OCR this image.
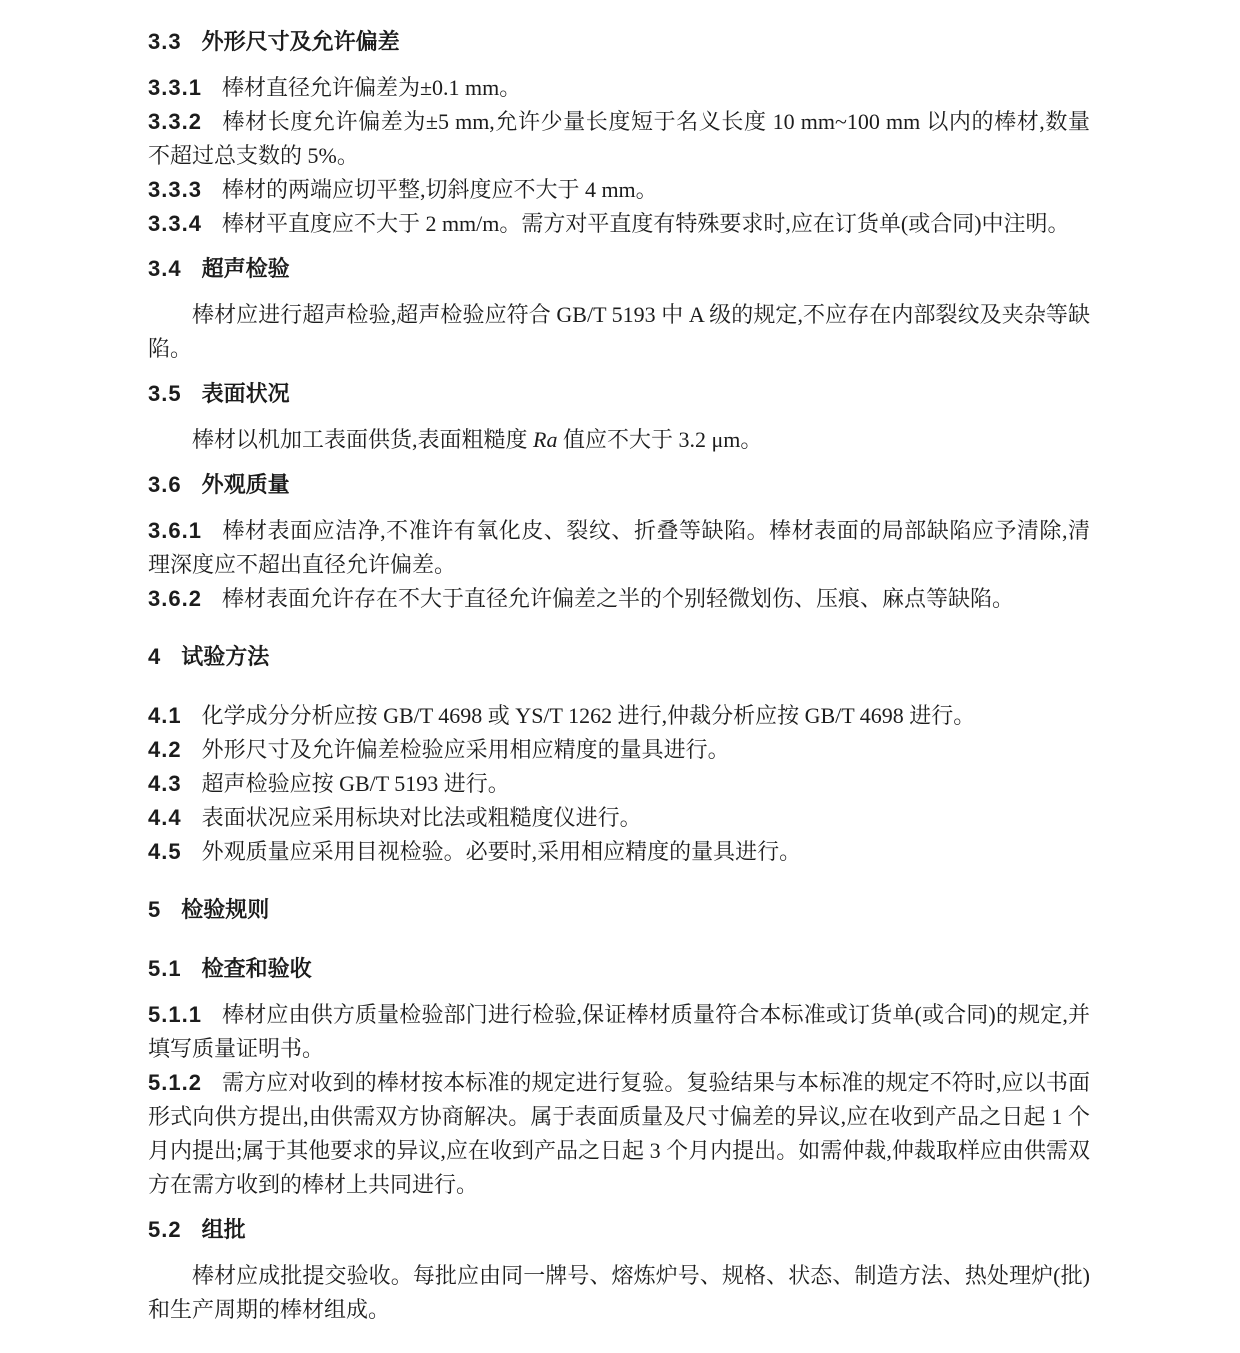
3.3 外形尺寸及允许偏差

3.3.1 棒材直径允许偏差为±0.1 mm。

3.3.2 棒材长度允许偏差为±5 mm,允许少量长度短于名义长度 10 mm~100 mm 以内的棒材,数量不超过总支数的 5%。

3.3.3 棒材的两端应切平整,切斜度应不大于 4 mm。

3.3.4 棒材平直度应不大于 2 mm/m。需方对平直度有特殊要求时,应在订货单(或合同)中注明。

3.4 超声检验

棒材应进行超声检验,超声检验应符合 GB/T 5193 中 A 级的规定,不应存在内部裂纹及夹杂等缺陷。

3.5 表面状况

棒材以机加工表面供货,表面粗糙度 Ra 值应不大于 3.2 μm。

3.6 外观质量

3.6.1 棒材表面应洁净,不准许有氧化皮、裂纹、折叠等缺陷。棒材表面的局部缺陷应予清除,清理深度应不超出直径允许偏差。

3.6.2 棒材表面允许存在不大于直径允许偏差之半的个别轻微划伤、压痕、麻点等缺陷。

4 试验方法

4.1 化学成分分析应按 GB/T 4698 或 YS/T 1262 进行,仲裁分析应按 GB/T 4698 进行。

4.2 外形尺寸及允许偏差检验应采用相应精度的量具进行。

4.3 超声检验应按 GB/T 5193 进行。

4.4 表面状况应采用标块对比法或粗糙度仪进行。

4.5 外观质量应采用目视检验。必要时,采用相应精度的量具进行。

5 检验规则
5.1 检查和验收

5.1.1 棒材应由供方质量检验部门进行检验,保证棒材质量符合本标准或订货单(或合同)的规定,并填写质量证明书。

5.1.2 需方应对收到的棒材按本标准的规定进行复验。复验结果与本标准的规定不符时,应以书面形式向供方提出,由供需双方协商解决。属于表面质量及尺寸偏差的异议,应在收到产品之日起 1 个月内提出;属于其他要求的异议,应在收到产品之日起 3 个月内提出。如需仲裁,仲裁取样应由供需双方在需方收到的棒材上共同进行。

5.2 组批

棒材应成批提交验收。每批应由同一牌号、熔炼炉号、规格、状态、制造方法、热处理炉(批)和生产周期的棒材组成。
